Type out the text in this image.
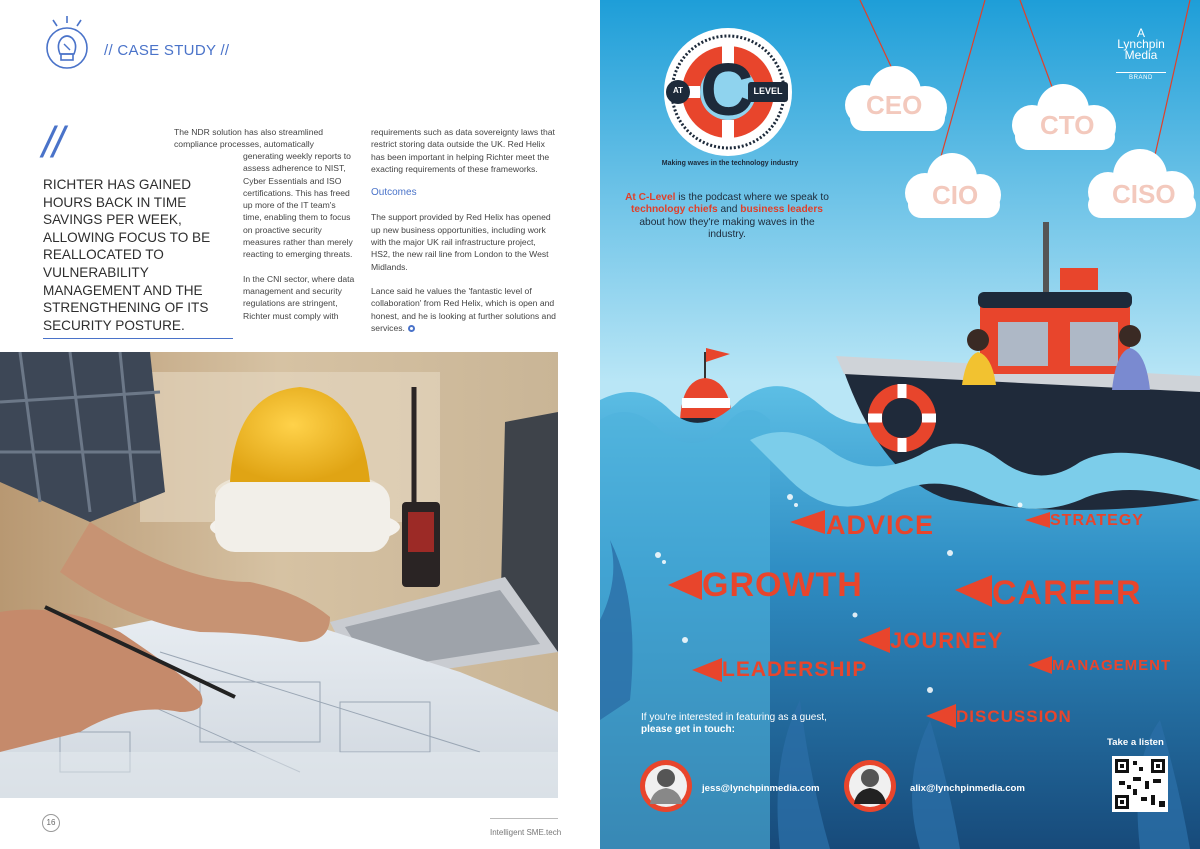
// CASE STUDY //
//
RICHTER HAS GAINED HOURS BACK IN TIME SAVINGS PER WEEK, ALLOWING FOCUS TO BE REALLOCATED TO VULNERABILITY MANAGEMENT AND THE STRENGTHENING OF ITS SECURITY POSTURE.
The NDR solution has also streamlined compliance processes, automatically

generating weekly reports to assess adherence to NIST, Cyber Essentials and ISO certifications. This has freed up more of the IT team's time, enabling them to focus on proactive security measures rather than merely reacting to emerging threats.

In the CNI sector, where data management and security regulations are stringent, Richter must comply with

requirements such as data sovereignty laws that restrict storing data outside the UK. Red Helix has been important in helping Richter meet the exacting requirements of these frameworks.

Outcomes

The support provided by Red Helix has opened up new business opportunities, including work with the major UK rail infrastructure project, HS2, the new rail line from London to the West Midlands.

Lance said he values the 'fantastic level of collaboration' from Red Helix, which is open and honest, and he is looking at further solutions and services.

16
Intelligent SME.tech
AT C LEVEL
Making waves in the technology industry
A
Lynchpin
Media
BRAND
At C-Level is the podcast where we speak to technology chiefs and business leaders about how they're making waves in the industry.
CEO
CTO
CIO	CISO
ADVICE	STRATEGY
GROWTH	CAREER
JOURNEY
LEADERSHIP	MANAGEMENT
DISCUSSION
If you're interested in featuring as a guest, please get in touch:
jess@lynchpinmedia.com	alix@lynchpinmedia.com
Take a listen
